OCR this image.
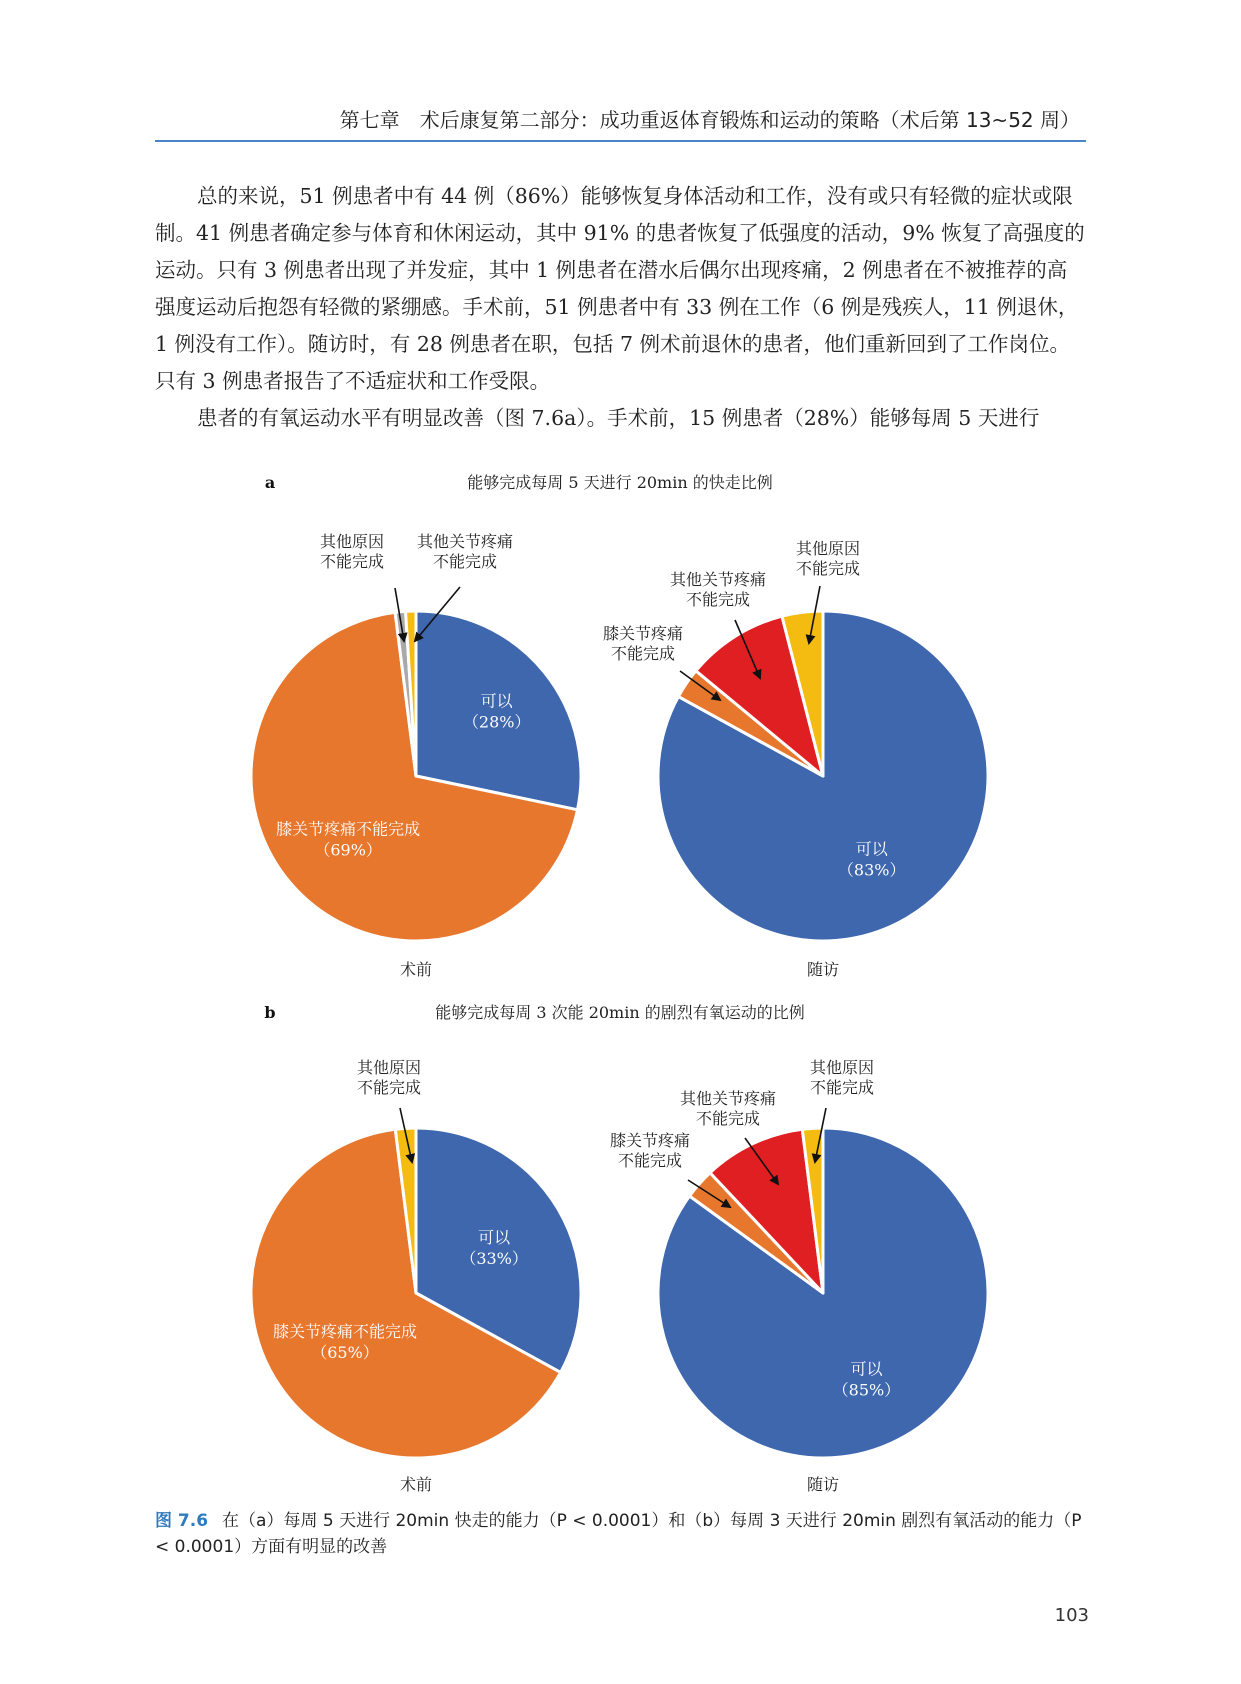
第七章　术后康复第二部分：成功重返体育锻炼和运动的策略（术后第 13~52 周）

总的来说，51 例患者中有 44 例（86%）能够恢复身体活动和工作，没有或只有轻微的症状或限制。41 例患者确定参与体育和休闲运动，其中 91% 的患者恢复了低强度的活动，9% 恢复了高强度的运动。只有 3 例患者出现了并发症，其中 1 例患者在潜水后偶尔出现疼痛，2 例患者在不被推荐的高强度运动后抱怨有轻微的紧绷感。手术前，51 例患者中有 33 例在工作（6 例是残疾人，11 例退休，1 例没有工作）。随访时，有 28 例患者在职，包括 7 例术前退休的患者，他们重新回到了工作岗位。只有 3 例患者报告了不适症状和工作受限。

患者的有氧运动水平有明显改善（图 7.6a）。手术前，15 例患者（28%）能够每周 5 天进行

a	能够完成每周 5 天进行 20min 的快走比例
可以
（28%）
膝关节疼痛不能完成
（69%）
其他原因
不能完成
其他关节疼痛
不能完成
术前
可以
（83%）
膝关节疼痛
不能完成
其他关节疼痛
不能完成
其他原因
不能完成
随访
b	能够完成每周 3 次能 20min 的剧烈有氧运动的比例
可以
（33%）
膝关节疼痛不能完成
（65%）
其他原因
不能完成
术前
可以
（85%）
膝关节疼痛
不能完成
其他关节疼痛
不能完成
其他原因
不能完成
随访
图 7.6 在（a）每周 5 天进行 20min 快走的能力（P < 0.0001）和（b）每周 3 天进行 20min 剧烈有氧活动的能力（P < 0.0001）方面有明显的改善
103
